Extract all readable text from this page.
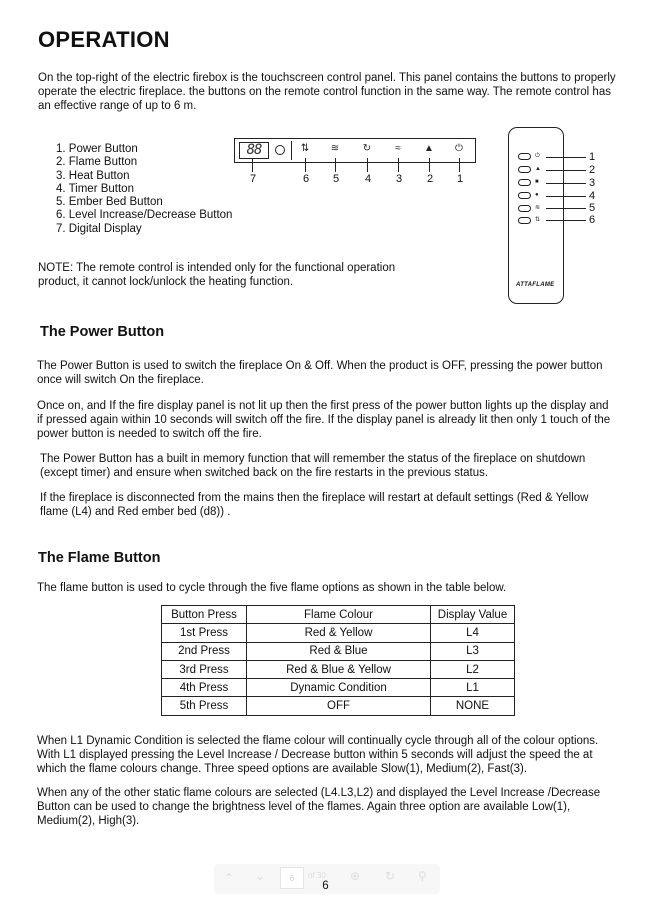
OPERATION

On the top-right of the electric firebox is the touchscreen control panel. This panel contains the buttons to properly operate the electric fireplace. the buttons on the remote control function in the same way. The remote control has an effective range of up to 6 m.

1. Power Button
2. Flame Button
3. Heat Button
4. Timer Button
5. Ember Bed Button
6. Level Increase/Decrease Button
7. Digital Display
88	⇅ ≋ ↻	≈	▲	⏻
7	6 5 4 3 2 1
⏻
▲
■
●
≋
⇅
1
2
3
4
5
6
ATTAFLAME

NOTE: The remote control is intended only for the functional operation product, it cannot lock/unlock the heating function.

The Power Button

The Power Button is used to switch the fireplace On & Off. When the product is OFF, pressing the power button once will switch On the fireplace.

Once on, and If the fire display panel is not lit up then the first press of the power button lights up the display and if pressed again within 10 seconds will switch off the fire. If the display panel is already lit then only 1 touch of the power button is needed to switch off the fire.

The Power Button has a built in memory function that will remember the status of the fireplace on shutdown (except timer) and ensure when switched back on the fire restarts in the previous status.

If the fireplace is disconnected from the mains then the fireplace will restart at default settings (Red & Yellow flame (L4) and Red ember bed (d8)) .

The Flame Button

The flame button is used to cycle through the five flame options as shown in the table below.

Button Press	Flame Colour	Display Value
1st Press	Red & Yellow	L4
2nd Press	Red & Blue	L3
3rd Press	Red & Blue & Yellow	L2
4th Press	Dynamic Condition	L1
5th Press	OFF	NONE

When L1 Dynamic Condition is selected the flame colour will continually cycle through all of the colour options. With L1 displayed pressing the Level Increase / Decrease button within 5 seconds will adjust the speed the at which the flame colours change. Three speed options are available Slow(1), Medium(2), Fast(3).

When any of the other static flame colours are selected (L4.L3,L2) and displayed the Level Increase /Decrease Button can be used to change the brightness level of the flames. Again three option are available Low(1), Medium(2), High(3).

⌃ ⌄	6	of 30 ⊕ ↻ ⚲
6
